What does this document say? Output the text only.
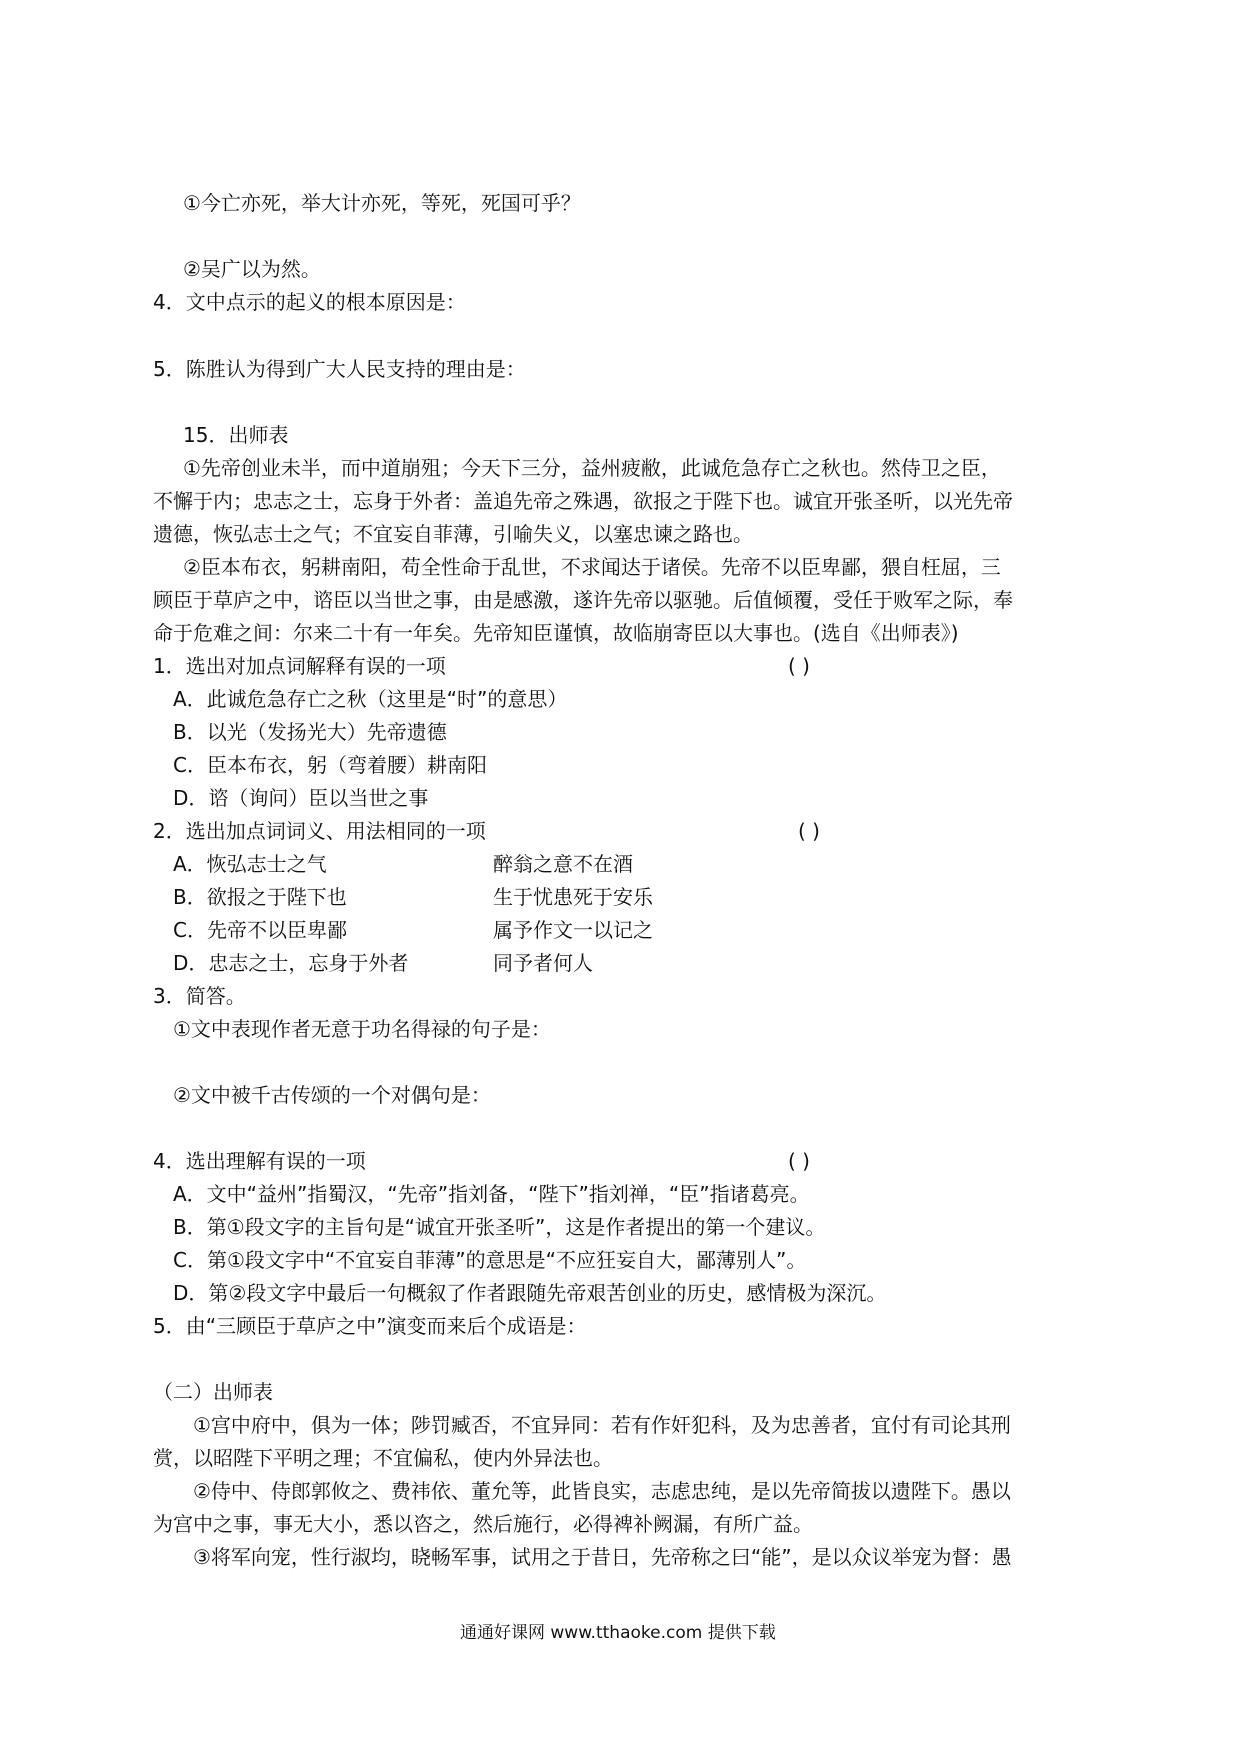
①今亡亦死，举大计亦死，等死，死国可乎？
②吴广以为然。
4．文中点示的起义的根本原因是：
5．陈胜认为得到广大人民支持的理由是：
15．出师表
①先帝创业未半，而中道崩殂；今天下三分，益州疲敝，此诚危急存亡之秋也。然侍卫之臣，
不懈于内；忠志之士，忘身于外者：盖追先帝之殊遇，欲报之于陛下也。诚宜开张圣听，以光先帝
遗德，恢弘志士之气；不宜妄自菲薄，引喻失义，以塞忠谏之路也。
②臣本布衣，躬耕南阳，苟全性命于乱世，不求闻达于诸侯。先帝不以臣卑鄙，猥自枉屈，三
顾臣于草庐之中，谘臣以当世之事，由是感激，遂许先帝以驱驰。后值倾覆，受任于败军之际，奉
命于危难之间：尔来二十有一年矣。先帝知臣谨慎，故临崩寄臣以大事也。(选自《出师表》)
1．选出对加点词解释有误的一项	( )
A．此诚危急存亡之秋（这里是“时”的意思）
B．以光（发扬光大）先帝遗德
C．臣本布衣，躬（弯着腰）耕南阳
D．谘（询问）臣以当世之事
2．选出加点词词义、用法相同的一项	( )
A．恢弘志士之气	醉翁之意不在酒
B．欲报之于陛下也	生于忧患死于安乐
C．先帝不以臣卑鄙	属予作文一以记之
D．忠志之士，忘身于外者	同予者何人
3．简答。
①文中表现作者无意于功名得禄的句子是：
②文中被千古传颂的一个对偶句是：
4．选出理解有误的一项	( )
A．文中“益州”指蜀汉，“先帝”指刘备，“陛下”指刘禅，“臣”指诸葛亮。
B．第①段文字的主旨句是“诚宜开张圣听”，这是作者提出的第一个建议。
C．第①段文字中“不宜妄自菲薄”的意思是“不应狂妄自大，鄙薄别人”。
D．第②段文字中最后一句概叙了作者跟随先帝艰苦创业的历史，感情极为深沉。
5．由“三顾臣于草庐之中”演变而来后个成语是：
（二）出师表
①宫中府中，俱为一体；陟罚臧否，不宜异同：若有作奸犯科，及为忠善者，宜付有司论其刑
赏，以昭陛下平明之理；不宜偏私，使内外异法也。
②侍中、侍郎郭攸之、费祎依、董允等，此皆良实，志虑忠纯，是以先帝简拔以遗陛下。愚以
为宫中之事，事无大小，悉以咨之，然后施行，必得裨补阙漏，有所广益。
③将军向宠，性行淑均，晓畅军事，试用之于昔日，先帝称之曰“能”，是以众议举宠为督：愚
通通好课网 www.tthaoke.com 提供下载
